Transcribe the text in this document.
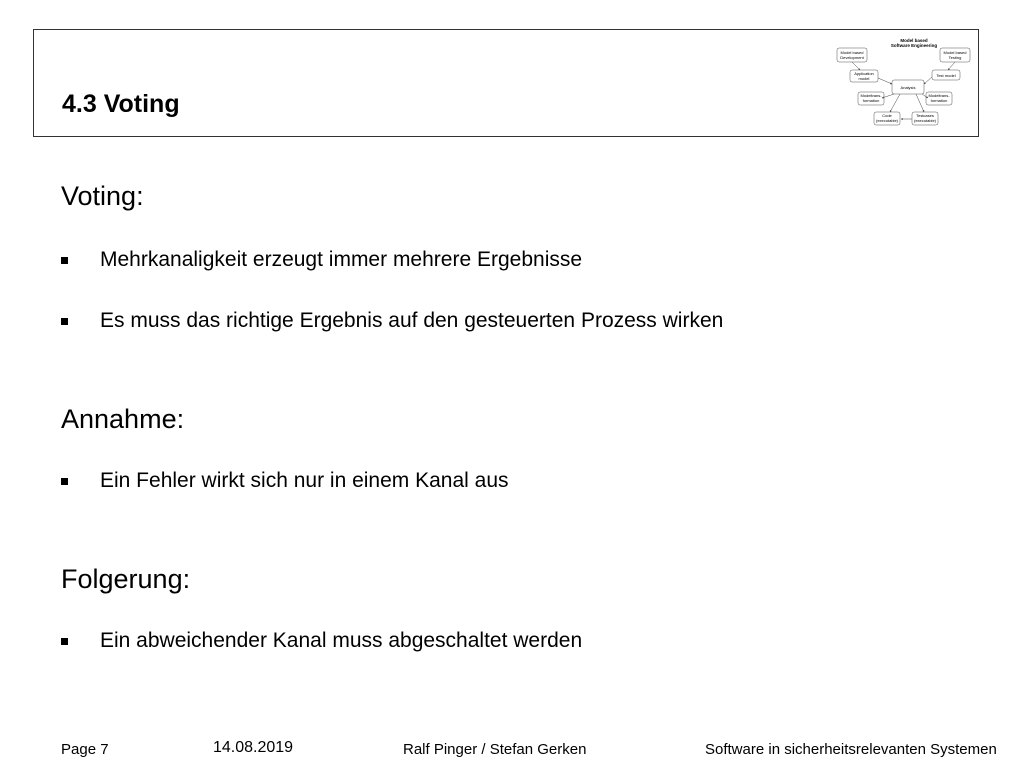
4.3 Voting
Model based
Software Engineering
Model based
Development
Model based
Testing
Application
model
Test model
Analysis
Modeltrans-
formation
Modeltrans-
formation
Code
(executable)
Testcases
(executable)
Voting:
Mehrkanaligkeit erzeugt immer mehrere Ergebnisse
Es muss das richtige Ergebnis auf den gesteuerten Prozess wirken
Annahme:
Ein Fehler wirkt sich nur in einem Kanal aus
Folgerung:
Ein abweichender Kanal muss abgeschaltet werden
Page 7	14.08.2019	Ralf Pinger / Stefan Gerken	Software in sicherheitsrelevanten Systemen
